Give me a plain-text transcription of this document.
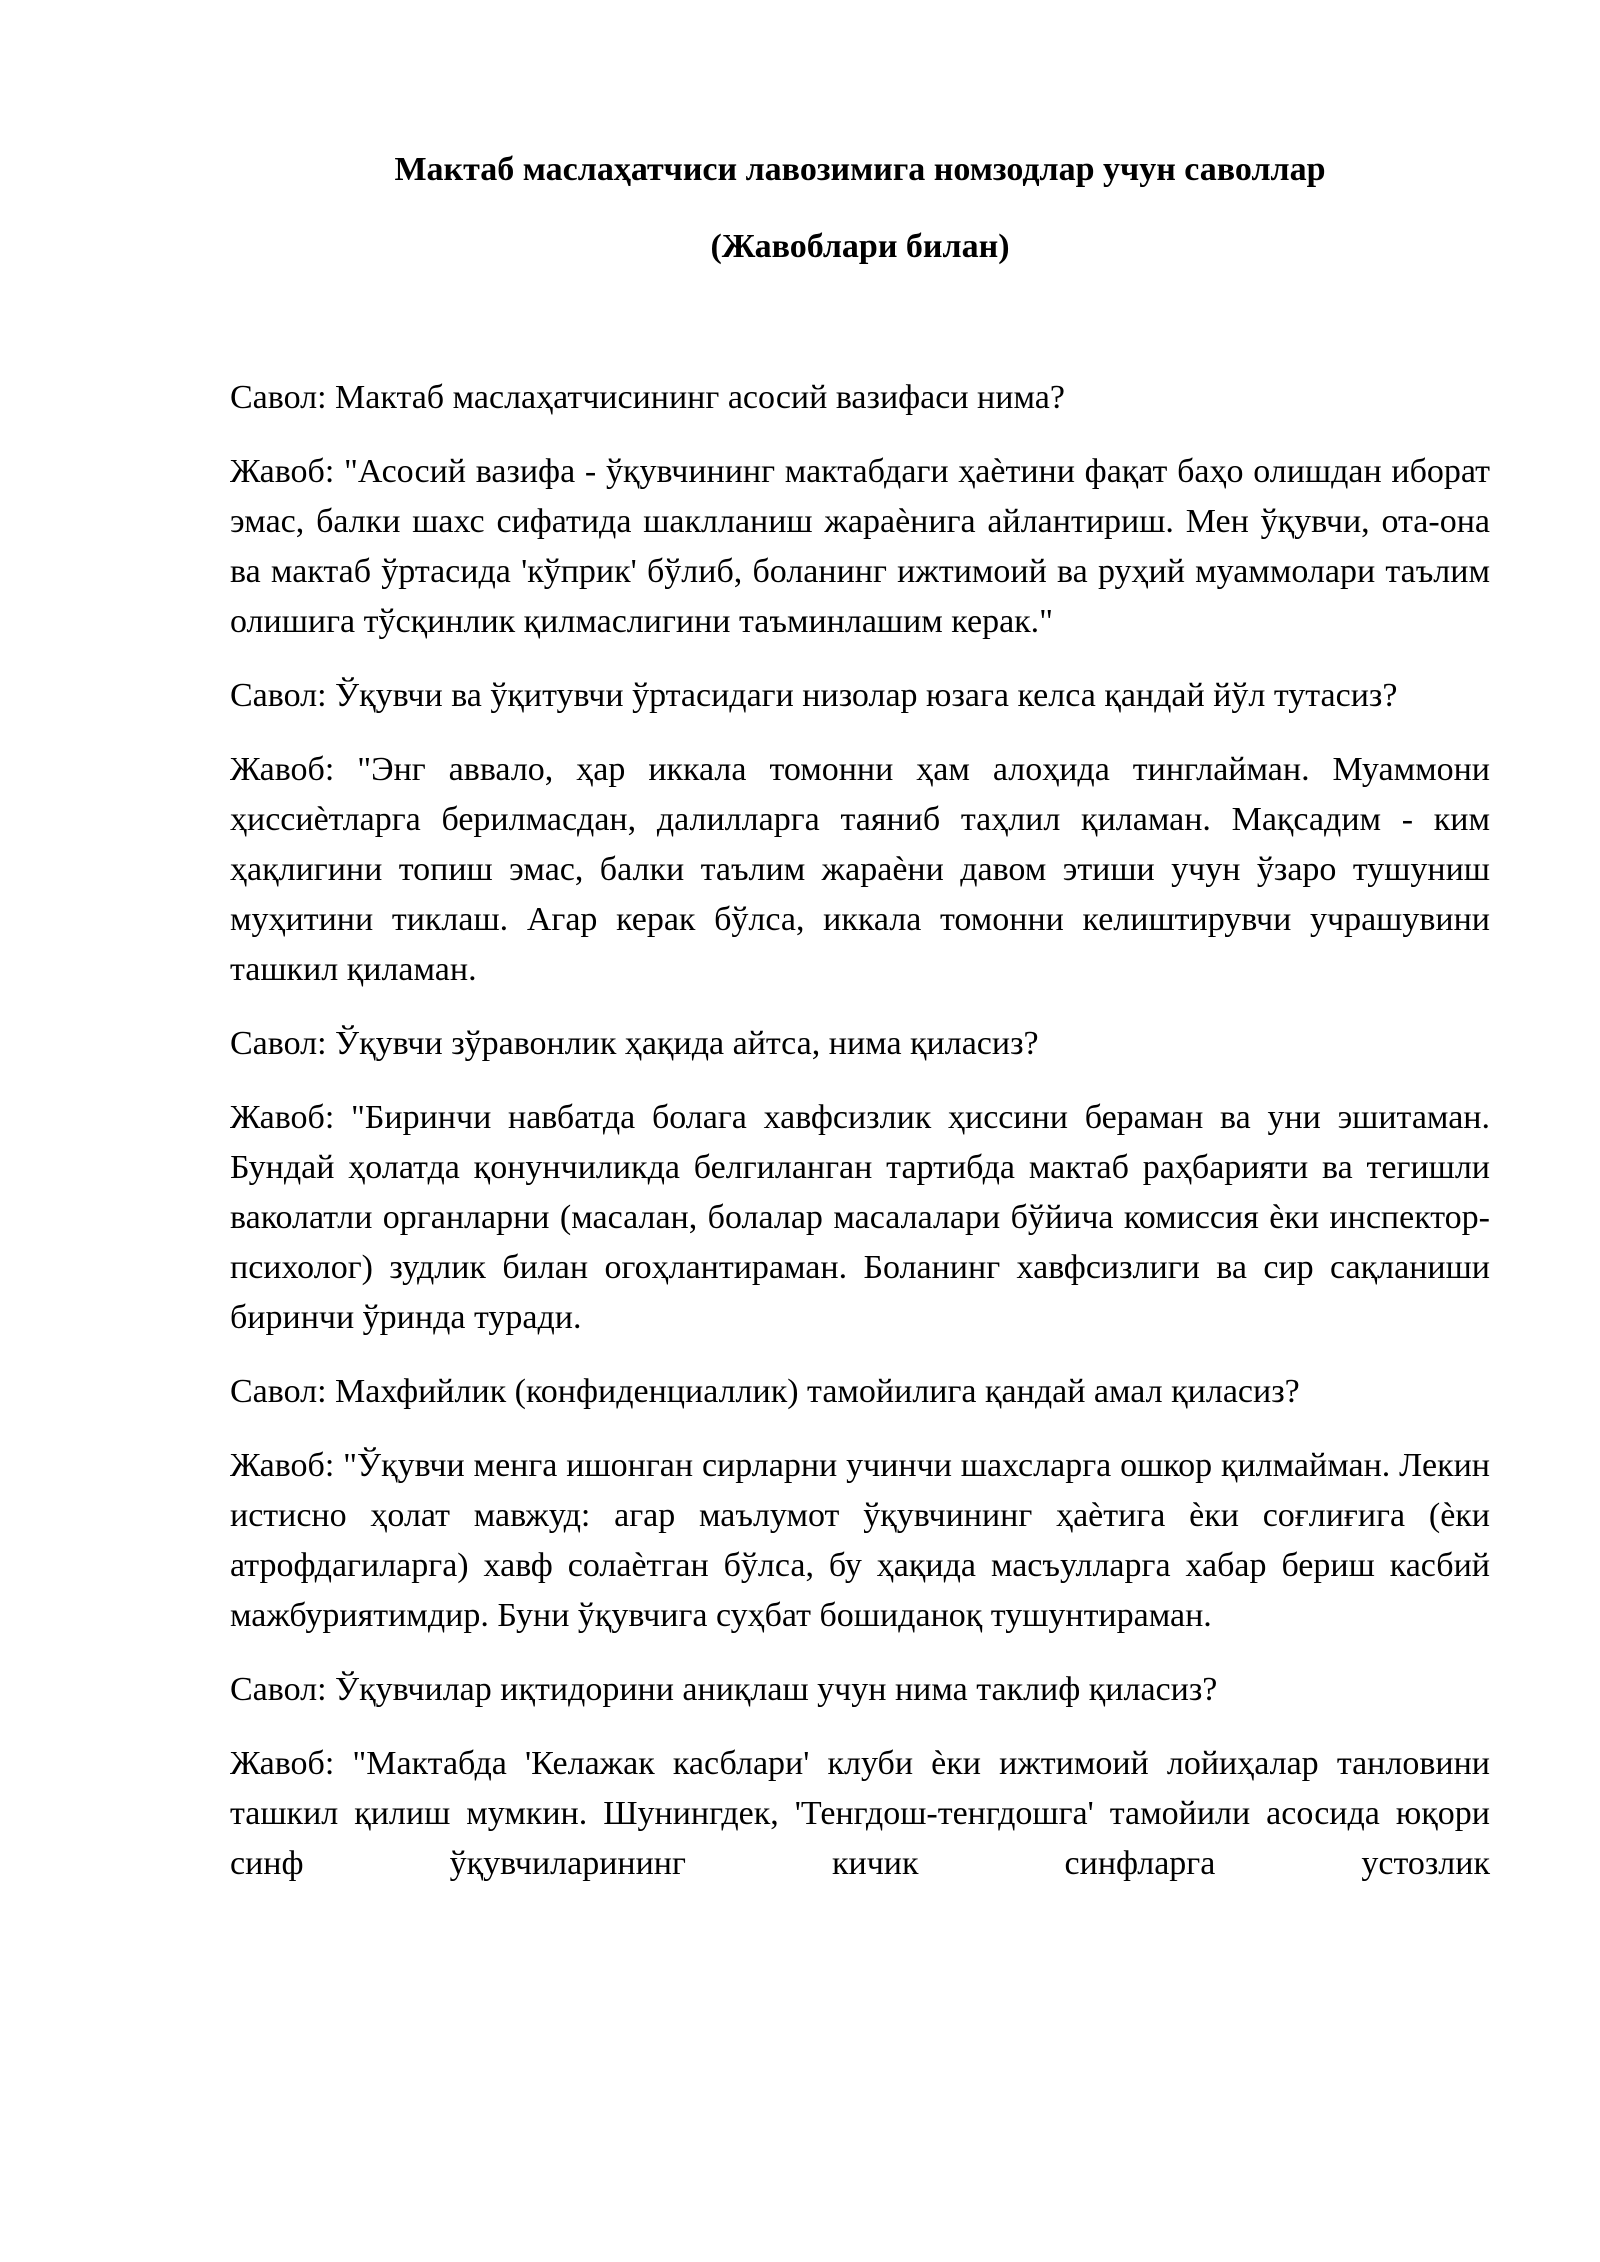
Мактаб маслаҳатчиси лавозимига номзодлар учун саволлар
(Жавоблари билан)

Савол: Мактаб маслаҳатчисининг асосий вазифаси нима?

Жавоб: "Асосий вазифа - ўқувчининг мактабдаги ҳаѐтини фақат баҳо олишдан иборат эмас, балки шахс сифатида шаклланиш жараѐнига айлантириш. Мен ўқувчи, ота-она ва мактаб ўртасида 'кўприк' бўлиб, боланинг ижтимоий ва руҳий муаммолари таълим олишига тўсқинлик қилмаслигини таъминлашим керак."

Савол: Ўқувчи ва ўқитувчи ўртасидаги низолар юзага келса қандай йўл тутасиз?

Жавоб: "Энг аввало, ҳар иккала томонни ҳам алоҳида тинглайман. Муаммони ҳиссиѐтларга берилмасдан, далилларга таяниб таҳлил қиламан. Мақсадим - ким ҳақлигини топиш эмас, балки таълим жараѐни давом этиши учун ўзаро тушуниш муҳитини тиклаш. Агар керак бўлса, иккала томонни келиштирувчи учрашувини ташкил қиламан.

Савол: Ўқувчи зўравонлик ҳақида айтса, нима қиласиз?

Жавоб: "Биринчи навбатда болага хавфсизлик ҳиссини бераман ва уни эшитаман. Бундай ҳолатда қонунчиликда белгиланган тартибда мактаб раҳбарияти ва тегишли ваколатли органларни (масалан, болалар масалалари бўйича комиссия ѐки инспектор-психолог) зудлик билан огоҳлантираман. Боланинг хавфсизлиги ва сир сақланиши биринчи ўринда туради.

Савол: Махфийлик (конфиденциаллик) тамойилига қандай амал қиласиз?

Жавоб: "Ўқувчи менга ишонган сирларни учинчи шахсларга ошкор қилмайман. Лекин истисно ҳолат мавжуд: агар маълумот ўқувчининг ҳаѐтига ѐки соғлиғига (ѐки атрофдагиларга) хавф солаѐтган бўлса, бу ҳақида масъулларга хабар бериш касбий мажбуриятимдир. Буни ўқувчига суҳбат бошиданоқ тушунтираман.

Савол: Ўқувчилар иқтидорини аниқлаш учун нима таклиф қиласиз?

Жавоб: "Мактабда 'Келажак касблари' клуби ѐки ижтимоий лойиҳалар танловини ташкил қилиш мумкин. Шунингдек, 'Тенгдош-тенгдошга' тамойили асосида юқори синф ўқувчиларининг кичик синфларга устозлик
